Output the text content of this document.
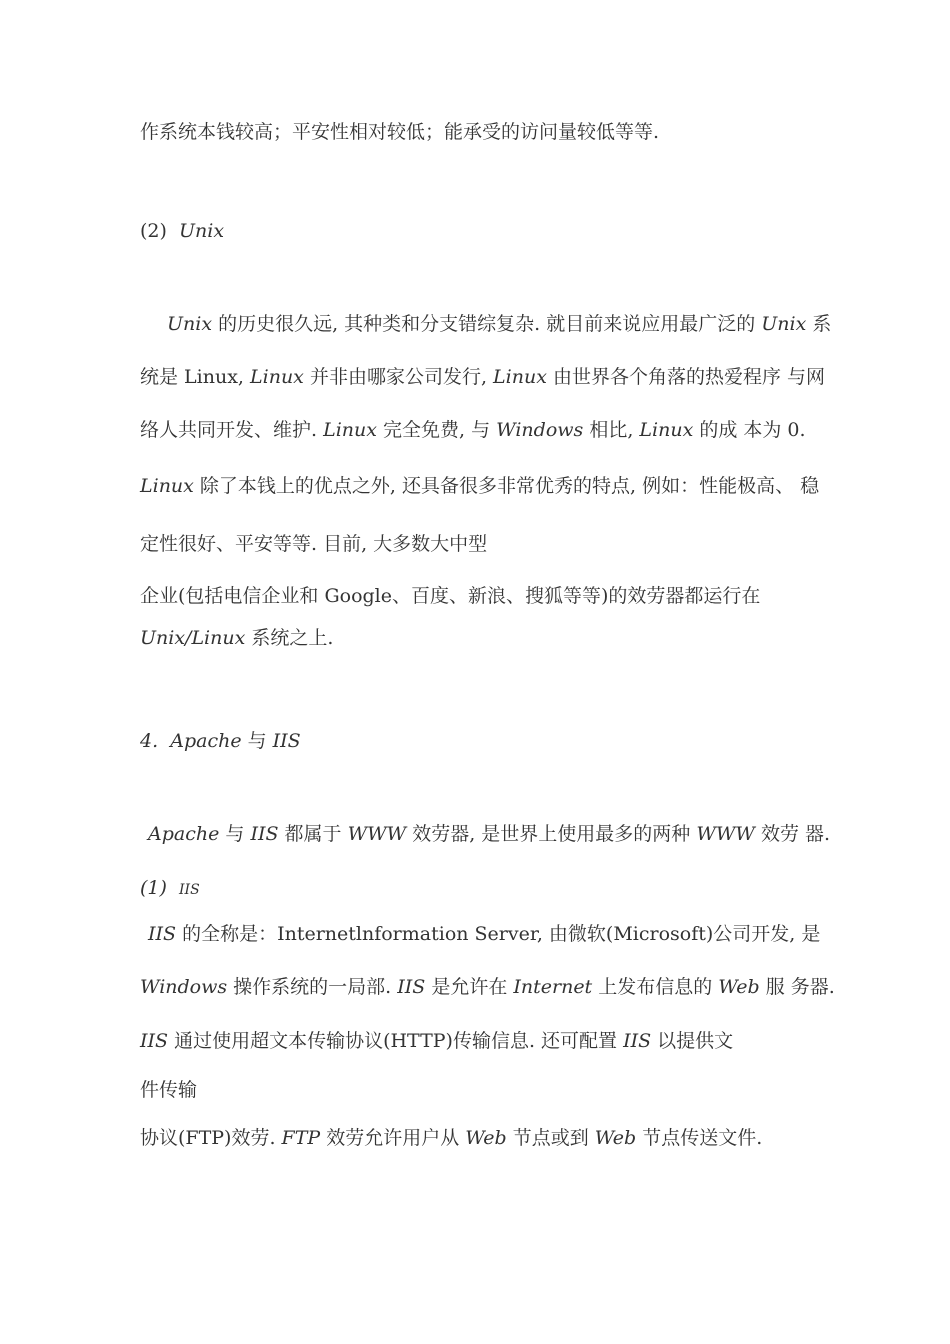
作系统本钱较高；平安性相对较低；能承受的访问量较低等等.

(2) Unix

Unix 的历史很久远, 其种类和分支错综复杂. 就目前来说应用最广泛的 Unix 系

统是 Linux, Linux 并非由哪家公司发行, Linux 由世界各个角落的热爱程序 与网

络人共同开发、维护. Linux 完全免费, 与 Windows 相比, Linux 的成 本为 0.

Linux 除了本钱上的优点之外, 还具备很多非常优秀的特点, 例如：性能极高、 稳

定性很好、平安等等. 目前, 大多数大中型

企业(包括电信企业和 Google、百度、新浪、搜狐等等)的效劳器都运行在

Unix/Linux 系统之上.

4. Apache 与 IIS

Apache 与 IIS 都属于 WWW 效劳器, 是世界上使用最多的两种 WWW 效劳 器.

(1) IIS

IIS 的全称是：Internetlnformation Server, 由微软(Microsoft)公司开发, 是

Windows 操作系统的一局部. IIS 是允许在 Internet 上发布信息的 Web 服 务器.

IIS 通过使用超文本传输协议(HTTP)传输信息. 还可配置 IIS 以提供文

件传输

协议(FTP)效劳. FTP 效劳允许用户从 Web 节点或到 Web 节点传送文件.
